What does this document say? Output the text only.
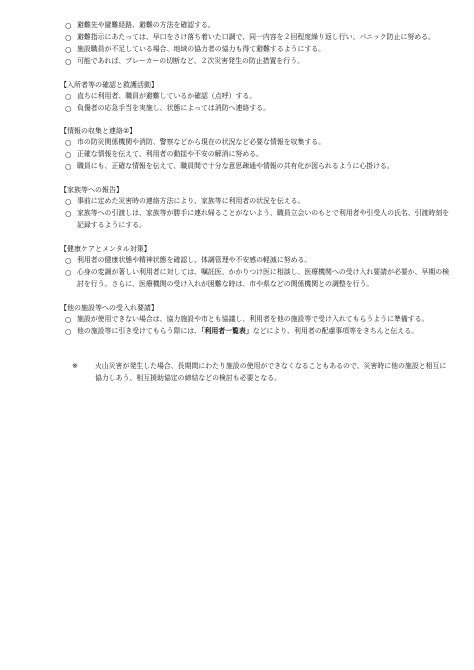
○ 避難先や避難経路、避難の方法を確認する。
○ 避難指示にあたっては、早口をさけ落ち着いた口調で、同一内容を２回程度繰り返し行い、パニック防止に努める。
○ 施設職員が不足している場合、地域の協力者の協力も得て避難するようにする。
○ 可能であれば、ブレーカーの切断など、２次災害発生の防止措置を行う。
【入所者等の確認と救護活動】
○ 直ちに利用者、職員が避難しているか確認（点呼）する。
○ 負傷者の応急手当を実施し、状態によっては消防へ連絡する。
【情報の収集と連絡②】
○ 市の防災関係機関や消防、警察などから現在の状況など必要な情報を収集する。
○ 正確な情報を伝えて、利用者の動揺や不安の解消に努める。
○ 職員にも、正確な情報を伝えて、職員間で十分な意思疎通や情報の共有化が図られるように心掛ける。
【家族等への報告】
○ 事前に定めた災害時の連絡方法により、家族等に利用者の状況を伝える。
○ 家族等への引渡しは、家族等が勝手に連れ帰ることがないよう、職員立会いのもとで利用者や引受人の氏名、引渡時刻を記録するようにする。
【健康ケアとメンタル対策】
○ 利用者の健康状態や精神状態を確認し、体調管理や不安感の軽減に努める。
○ 心身の変調が著しい利用者に対しては、嘱託医、かかりつけ医に相談し、医療機関への受け入れ要請が必要か、早期の検討を行う。さらに、医療機関の受け入れが困難な時は、市や県などの関係機関との調整を行う。
【他の施設等への受入れ要請】
○ 施設が使用できない場合は、協力施設や市とも協議し、利用者を他の施設等で受け入れてもらうように準備する。
○ 他の施設等に引き受けてもらう際には、「利用者一覧表」などにより、利用者の配慮事項等をきちんと伝える。
※	火山災害が発生した場合、長期間にわたり施設の使用ができなくなることもあるので、災害時に他の施設と相互に協力しあう、相互援助協定の締結などの検討も必要となる。
